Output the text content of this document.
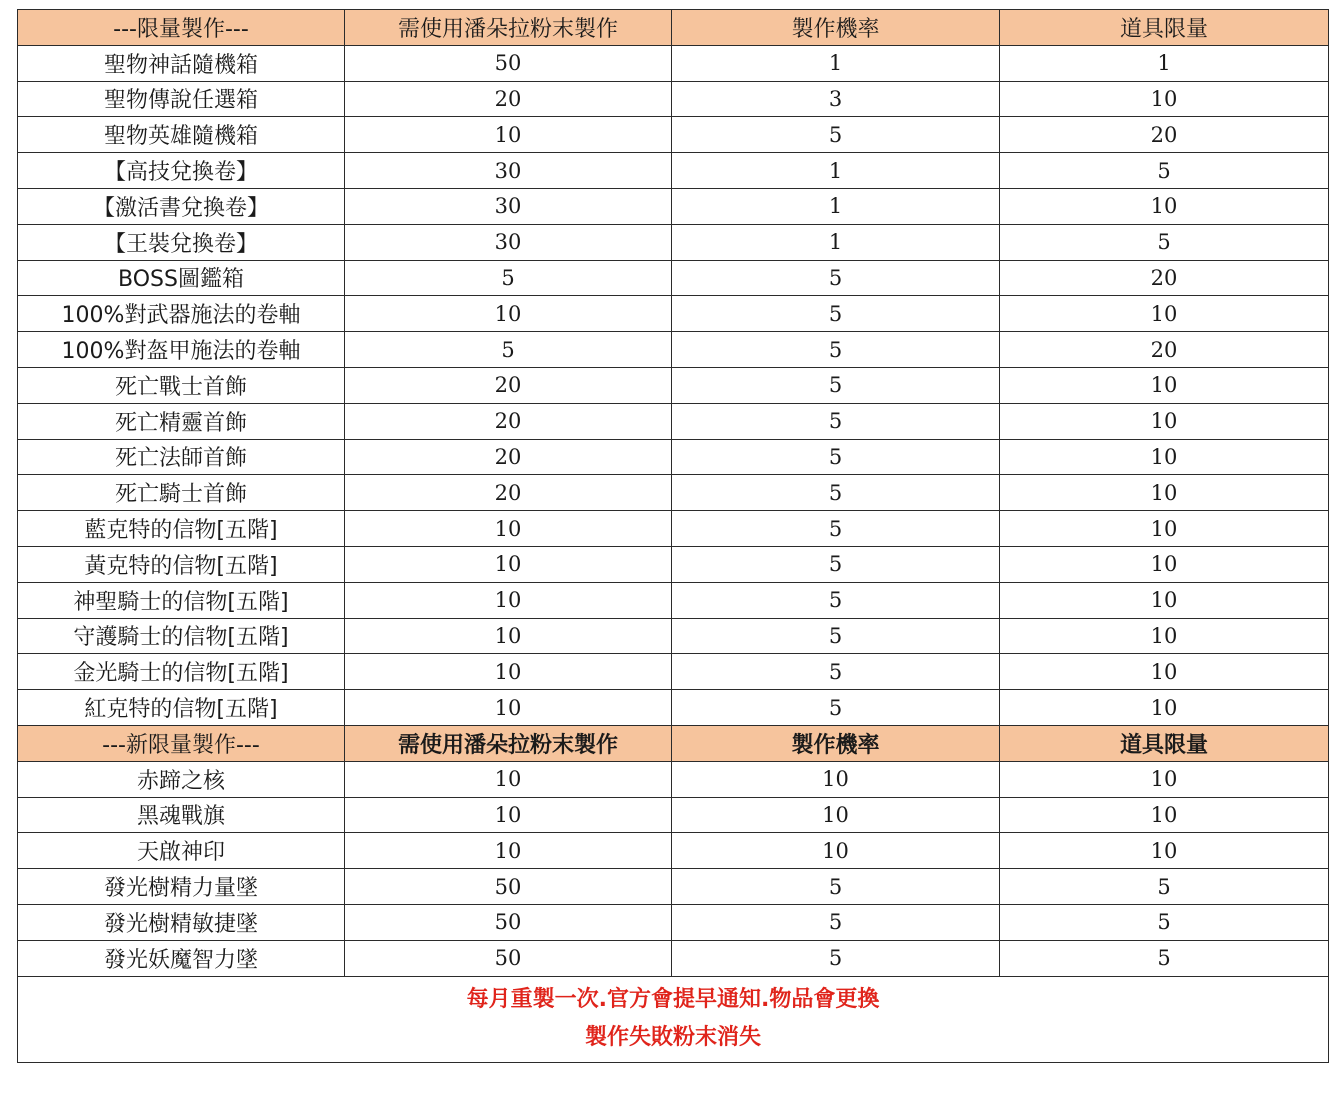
---限量製作---	需使用潘朵拉粉末製作	製作機率	道具限量
聖物神話隨機箱	50	1	1
聖物傳說任選箱	20	3	10
聖物英雄隨機箱	10	5	20
【高技兌換卷】	30	1	5
【激活書兌換卷】	30	1	10
【王裝兌換卷】	30	1	5
BOSS圖鑑箱	5	5	20
100%對武器施法的卷軸	10	5	10
100%對盔甲施法的卷軸	5	5	20
死亡戰士首飾	20	5	10
死亡精靈首飾	20	5	10
死亡法師首飾	20	5	10
死亡騎士首飾	20	5	10
藍克特的信物[五階]	10	5	10
黃克特的信物[五階]	10	5	10
神聖騎士的信物[五階]	10	5	10
守護騎士的信物[五階]	10	5	10
金光騎士的信物[五階]	10	5	10
紅克特的信物[五階]	10	5	10
---新限量製作---	需使用潘朵拉粉末製作	製作機率	道具限量
赤蹄之核	10	10	10
黑魂戰旗	10	10	10
天啟神印	10	10	10
發光樹精力量墜	50	5	5
發光樹精敏捷墜	50	5	5
發光妖魔智力墜	50	5	5

每月重製一次.官方會提早通知.物品會更換
製作失敗粉末消失			
